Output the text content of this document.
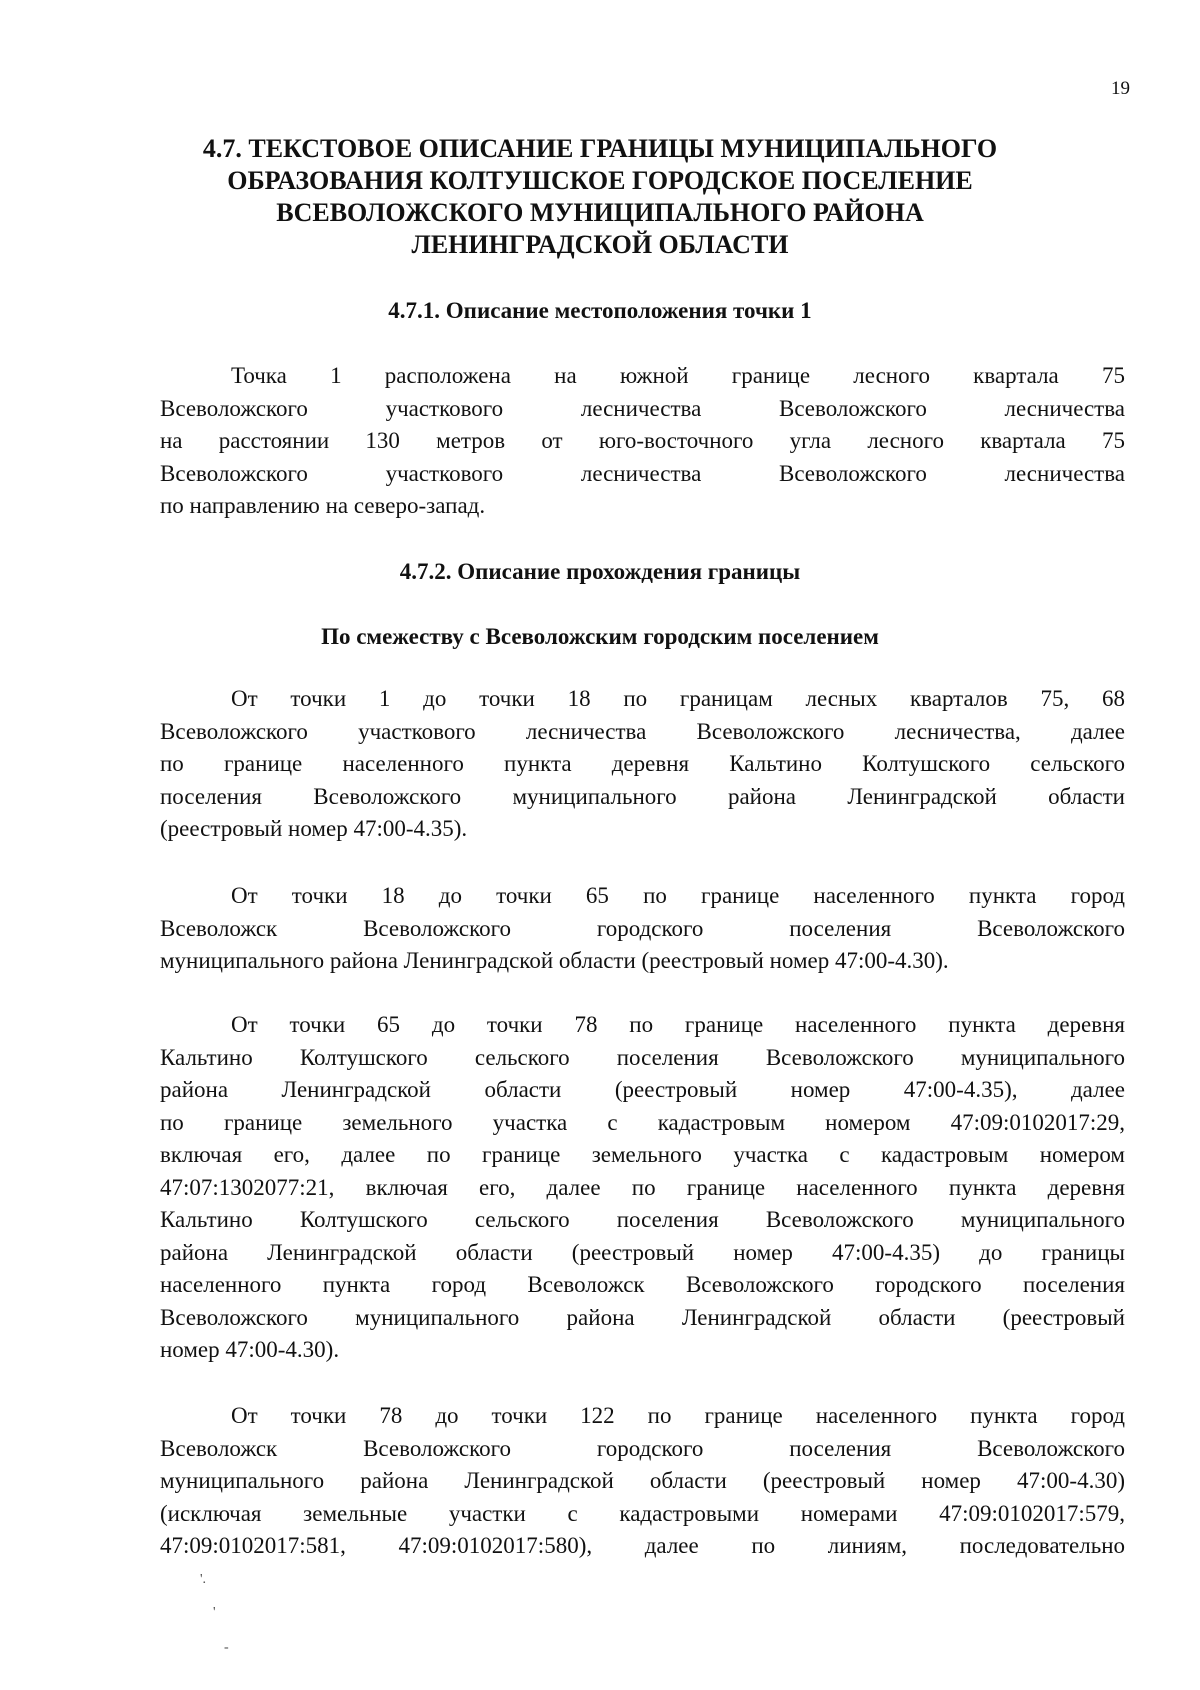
19
4.7. ТЕКСТОВОЕ ОПИСАНИЕ ГРАНИЦЫ МУНИЦИПАЛЬНОГО
ОБРАЗОВАНИЯ КОЛТУШСКОЕ ГОРОДСКОЕ ПОСЕЛЕНИЕ
ВСЕВОЛОЖСКОГО МУНИЦИПАЛЬНОГО РАЙОНА
ЛЕНИНГРАДСКОЙ ОБЛАСТИ
4.7.1. Описание местоположения точки 1

Точка 1 расположена на южной границе лесного квартала 75
Всеволожского участкового лесничества Всеволожского лесничества
на расстоянии 130 метров от юго-восточного угла лесного квартала 75
Всеволожского участкового лесничества Всеволожского лесничества
по направлению на северо-запад.

4.7.2. Описание прохождения границы
По смежеству с Всеволожским городским поселением

От точки 1 до точки 18 по границам лесных кварталов 75, 68
Всеволожского участкового лесничества Всеволожского лесничества, далее
по границе населенного пункта деревня Кальтино Колтушского сельского
поселения Всеволожского муниципального района Ленинградской области
(реестровый номер 47:00-4.35).

От точки 18 до точки 65 по границе населенного пункта город
Всеволожск Всеволожского городского поселения Всеволожского
муниципального района Ленинградской области (реестровый номер 47:00-4.30).

От точки 65 до точки 78 по границе населенного пункта деревня
Кальтино Колтушского сельского поселения Всеволожского муниципального
района Ленинградской области (реестровый номер 47:00-4.35), далее
по границе земельного участка с кадастровым номером 47:09:0102017:29,
включая его, далее по границе земельного участка с кадастровым номером
47:07:1302077:21, включая его, далее по границе населенного пункта деревня
Кальтино Колтушского сельского поселения Всеволожского муниципального
района Ленинградской области (реестровый номер 47:00-4.35) до границы
населенного пункта город Всеволожск Всеволожского городского поселения
Всеволожского муниципального района Ленинградской области (реестровый
номер 47:00-4.30).

От точки 78 до точки 122 по границе населенного пункта город
Всеволожск Всеволожского городского поселения Всеволожского
муниципального района Ленинградской области (реестровый номер 47:00-4.30)
(исключая земельные участки с кадастровыми номерами 47:09:0102017:579,
47:09:0102017:581, 47:09:0102017:580), далее по линиям, последовательно

'.
'
-
